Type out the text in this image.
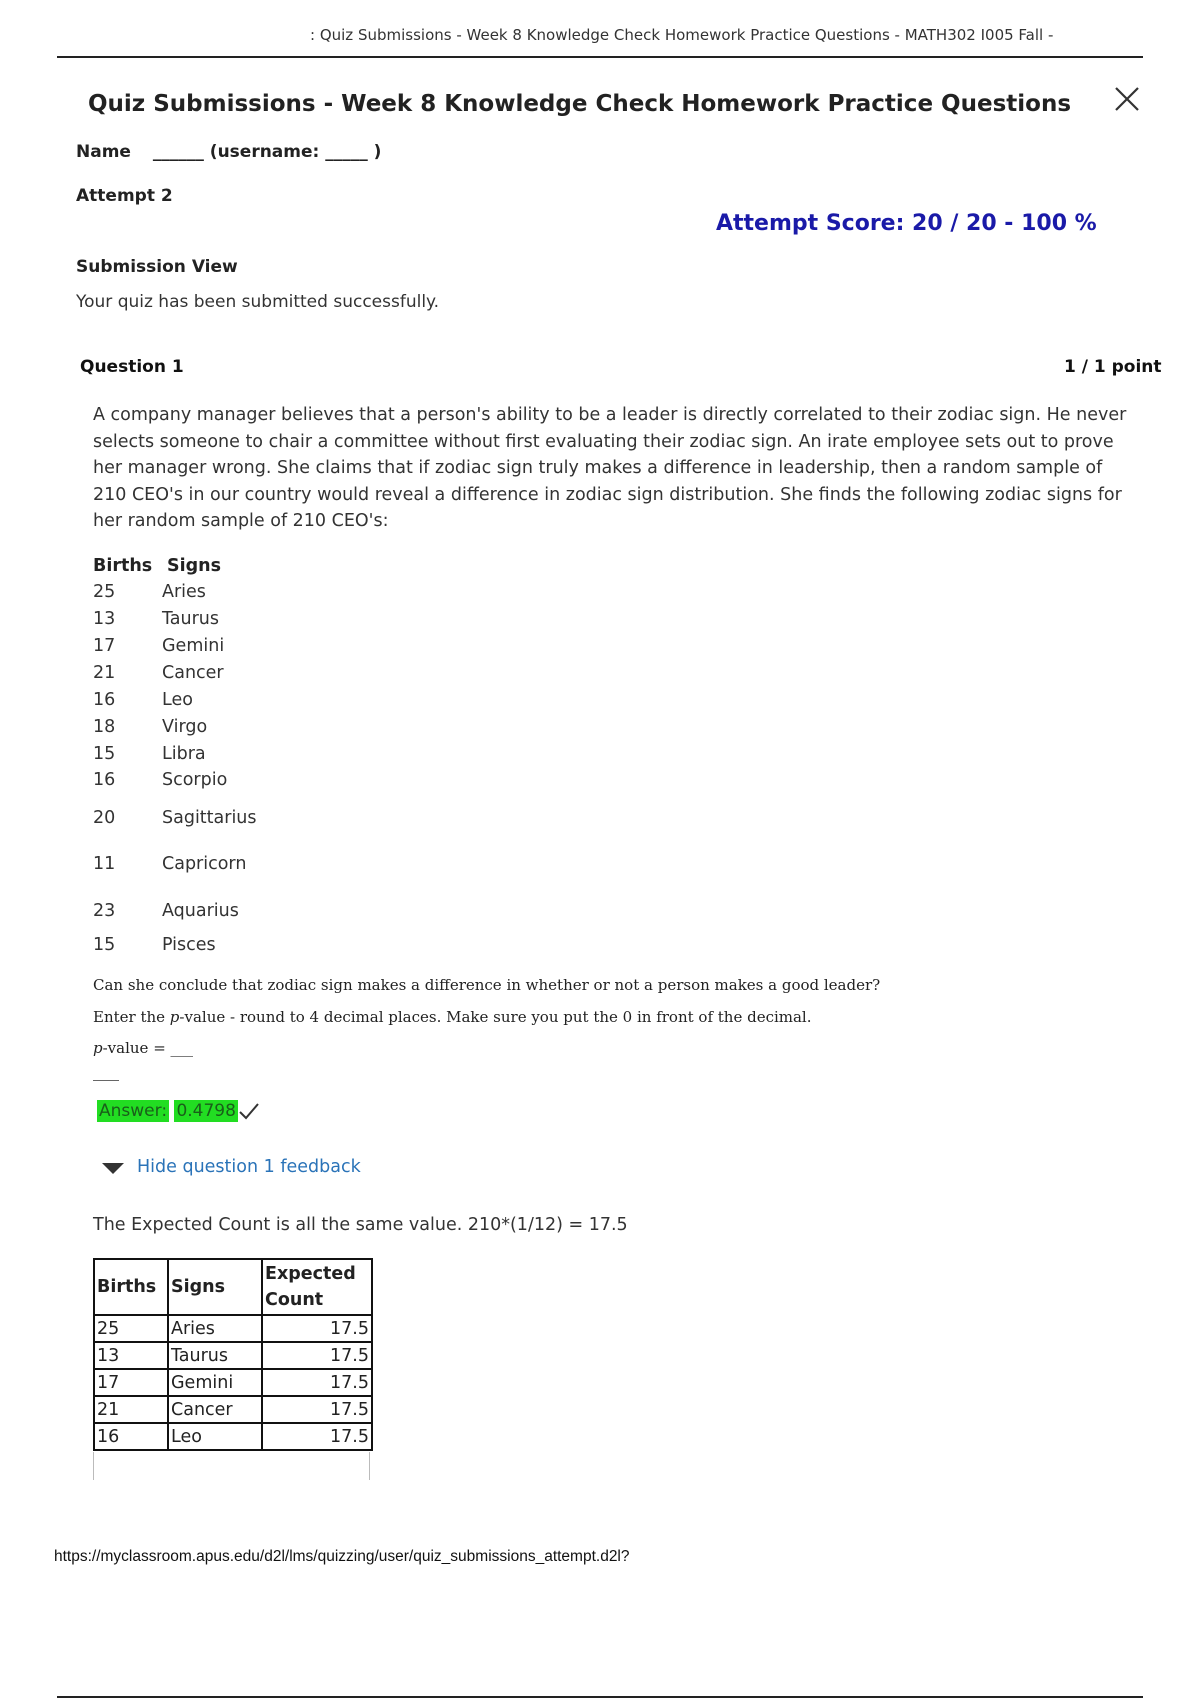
: Quiz Submissions - Week 8 Knowledge Check Homework Practice Questions - MATH302 I005 Fall -
Quiz Submissions - Week 8 Knowledge Check Homework Practice Questions
Name ______ (username: _____ )
Attempt 2
Attempt Score: 20 / 20 - 100 %
Submission View
Your quiz has been submitted successfully.
Question 1	1 / 1 point
A company manager believes that a person's ability to be a leader is directly correlated to their zodiac sign. He never selects someone to chair a committee without first evaluating their zodiac sign. An irate employee sets out to prove her manager wrong. She claims that if zodiac sign truly makes a difference in leadership, then a random sample of 210 CEO's in our country would reveal a difference in zodiac sign distribution. She finds the following zodiac signs for her random sample of 210 CEO's:
Births Signs
25	Aries
13	Taurus
17	Gemini
21	Cancer
16	Leo
18	Virgo
15	Libra
16	Scorpio
20	Sagittarius
11	Capricorn
23	Aquarius
15	Pisces
Can she conclude that zodiac sign makes a difference in whether or not a person makes a good leader?
Enter the p-value - round to 4 decimal places. Make sure you put the 0 in front of the decimal.
p-value = ___
Answer: 0.4798
Hide question 1 feedback
The Expected Count is all the same value. 210*(1/12) = 17.5
Births	Signs	Expected
Count
25	Aries	17.5
13	Taurus	17.5
17	Gemini	17.5
21	Cancer	17.5
16	Leo	17.5
https://myclassroom.apus.edu/d2l/lms/quizzing/user/quiz_submissions_attempt.d2l?
